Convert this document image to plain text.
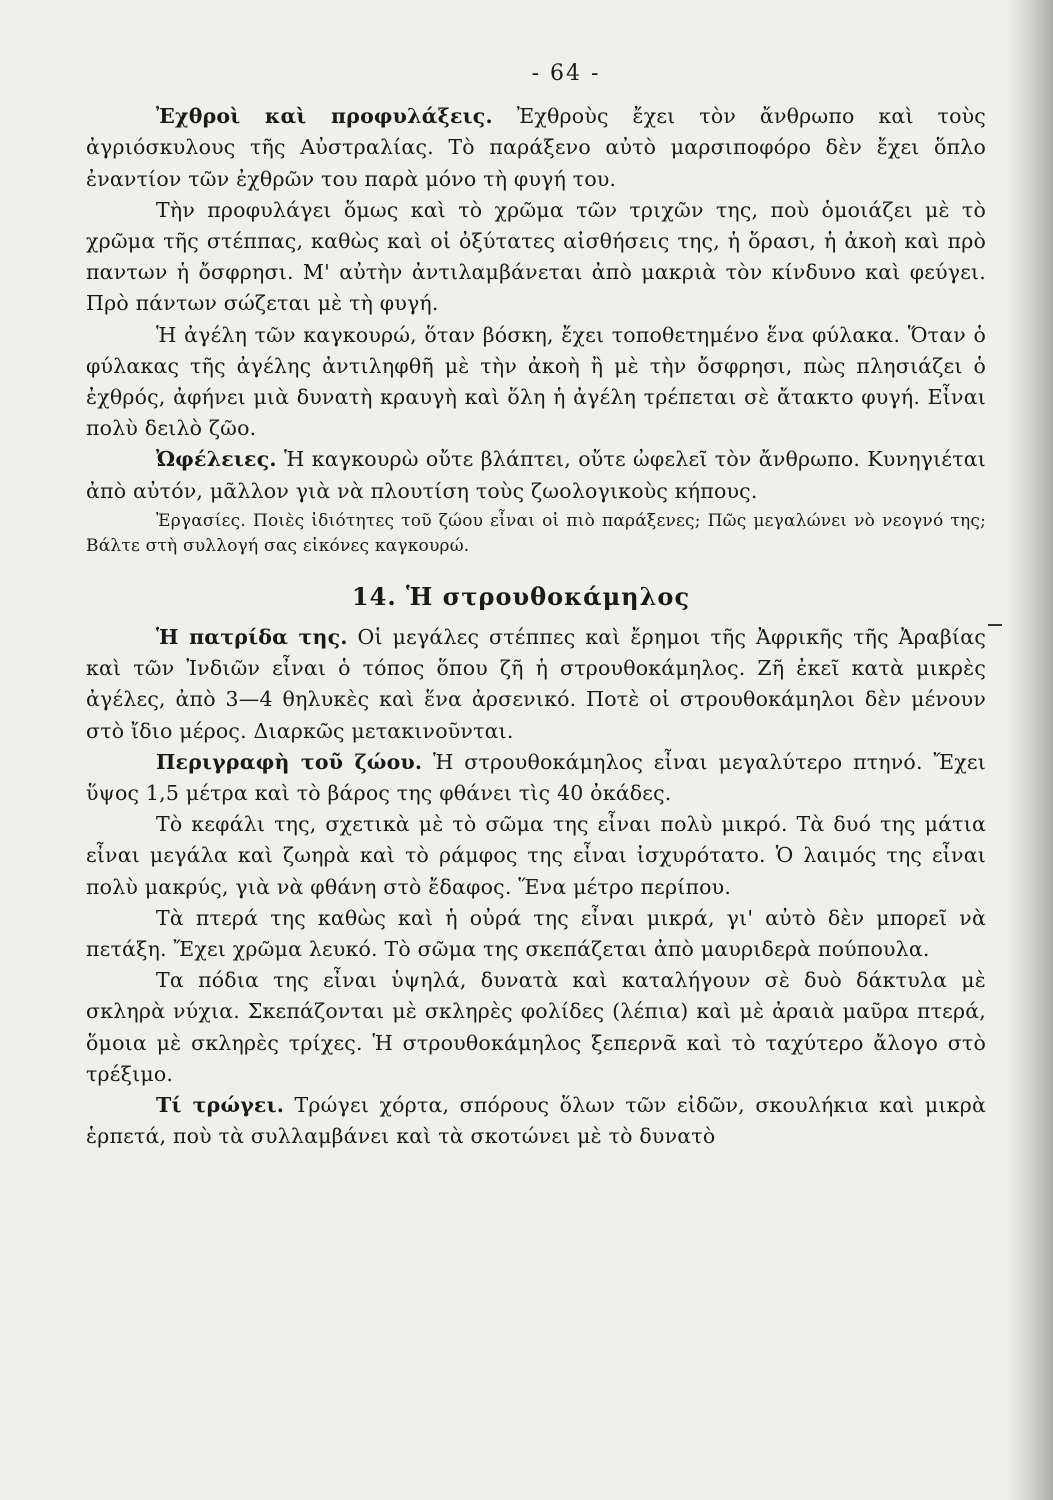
- 64 -

Ἐχθροὶ καὶ προφυλάξεις. Ἐχθροὺς ἔχει τὸν ἄνθρωπο καὶ τοὺς ἀγριόσκυλους τῆς Αὐστραλίας. Τὸ παράξενο αὐτὸ μαρσιποφόρο δὲν ἔχει ὅπλο ἐναντίον τῶν ἐχθρῶν του παρὰ μόνο τὴ φυγή του.

Τὴν προφυλάγει ὅμως καὶ τὸ χρῶμα τῶν τριχῶν της, ποὺ ὁμοιάζει μὲ τὸ χρῶμα τῆς στέππας, καθὼς καὶ οἱ ὀξύτατες αἰσθήσεις της, ἡ ὅρασι, ἡ ἀκοὴ καὶ πρὸ παντων ἡ ὄσφρησι. Μ' αὐτὴν ἀντιλαμβάνεται ἀπὸ μακριὰ τὸν κίνδυνο καὶ φεύγει. Πρὸ πάντων σώζεται μὲ τὴ φυγή.

Ἡ ἀγέλη τῶν καγκουρώ, ὅταν βόσκη, ἔχει τοποθετημένο ἕνα φύλακα. Ὅταν ὁ φύλακας τῆς ἀγέλης ἀντιληφθῆ μὲ τὴν ἀκοὴ ἢ μὲ τὴν ὄσφρησι, πὼς πλησιάζει ὁ ἐχθρός, ἀφήνει μιὰ δυνατὴ κραυγὴ καὶ ὅλη ἡ ἀγέλη τρέπεται σὲ ἄτακτο φυγή. Εἶναι πολὺ δειλὸ ζῶο.

Ὠφέλειες. Ἡ καγκουρὼ οὔτε βλάπτει, οὔτε ὠφελεῖ τὸν ἄνθρωπο. Κυνηγιέται ἀπὸ αὐτόν, μᾶλλον γιὰ νὰ πλουτίση τοὺς ζωολογικοὺς κήπους.

Ἐργασίες. Ποιὲς ἰδιότητες τοῦ ζώου εἶναι οἱ πιὸ παράξενες; Πῶς μεγαλώνει νὸ νεογνό της; Βάλτε στὴ συλλογή σας εἰκόνες καγκουρώ.

14. Ἡ στρουθοκάμηλος

Ἡ πατρίδα της. Οἱ μεγάλες στέππες καὶ ἔρημοι τῆς Ἀφρικῆς τῆς Ἀραβίας καὶ τῶν Ἰνδιῶν εἶναι ὁ τόπος ὅπου ζῆ ἡ στρουθοκάμηλος. Ζῆ ἐκεῖ κατὰ μικρὲς ἀγέλες, ἀπὸ 3—4 θηλυκὲς καὶ ἕνα ἀρσενικό. Ποτὲ οἱ στρουθοκάμηλοι δὲν μένουν στὸ ἴδιο μέρος. Διαρκῶς μετακινοῦνται.

Περιγραφὴ τοῦ ζώου. Ἡ στρουθοκάμηλος εἶναι μεγαλύτερο πτηνό. Ἔχει ὕψος 1,5 μέτρα καὶ τὸ βάρος της φθάνει τὶς 40 ὀκάδες.

Τὸ κεφάλι της, σχετικὰ μὲ τὸ σῶμα της εἶναι πολὺ μικρό. Τὰ δυό της μάτια εἶναι μεγάλα καὶ ζωηρὰ καὶ τὸ ράμφος της εἶναι ἰσχυρότατο. Ὁ λαιμός της εἶναι πολὺ μακρύς, γιὰ νὰ φθάνη στὸ ἔδαφος. Ἕνα μέτρο περίπου.

Τὰ πτερά της καθὼς καὶ ἡ οὐρά της εἶναι μικρά, γι' αὐτὸ δὲν μπορεῖ νὰ πετάξη. Ἔχει χρῶμα λευκό. Τὸ σῶμα της σκεπάζεται ἀπὸ μαυριδερὰ πούπουλα.

Τα πόδια της εἶναι ὑψηλά, δυνατὰ καὶ καταλήγουν σὲ δυὸ δάκτυλα μὲ σκληρὰ νύχια. Σκεπάζονται μὲ σκληρὲς φολίδες (λέπια) καὶ μὲ ἀραιὰ μαῦρα πτερά, ὅμοια μὲ σκληρὲς τρίχες. Ἡ στρουθοκάμηλος ξεπερνᾶ καὶ τὸ ταχύτερο ἄλογο στὸ τρέξιμο.

Τί τρώγει. Τρώγει χόρτα, σπόρους ὅλων τῶν εἰδῶν, σκουλήκια καὶ μικρὰ ἑρπετά, ποὺ τὰ συλλαμβάνει καὶ τὰ σκοτώνει μὲ τὸ δυνατὸ
